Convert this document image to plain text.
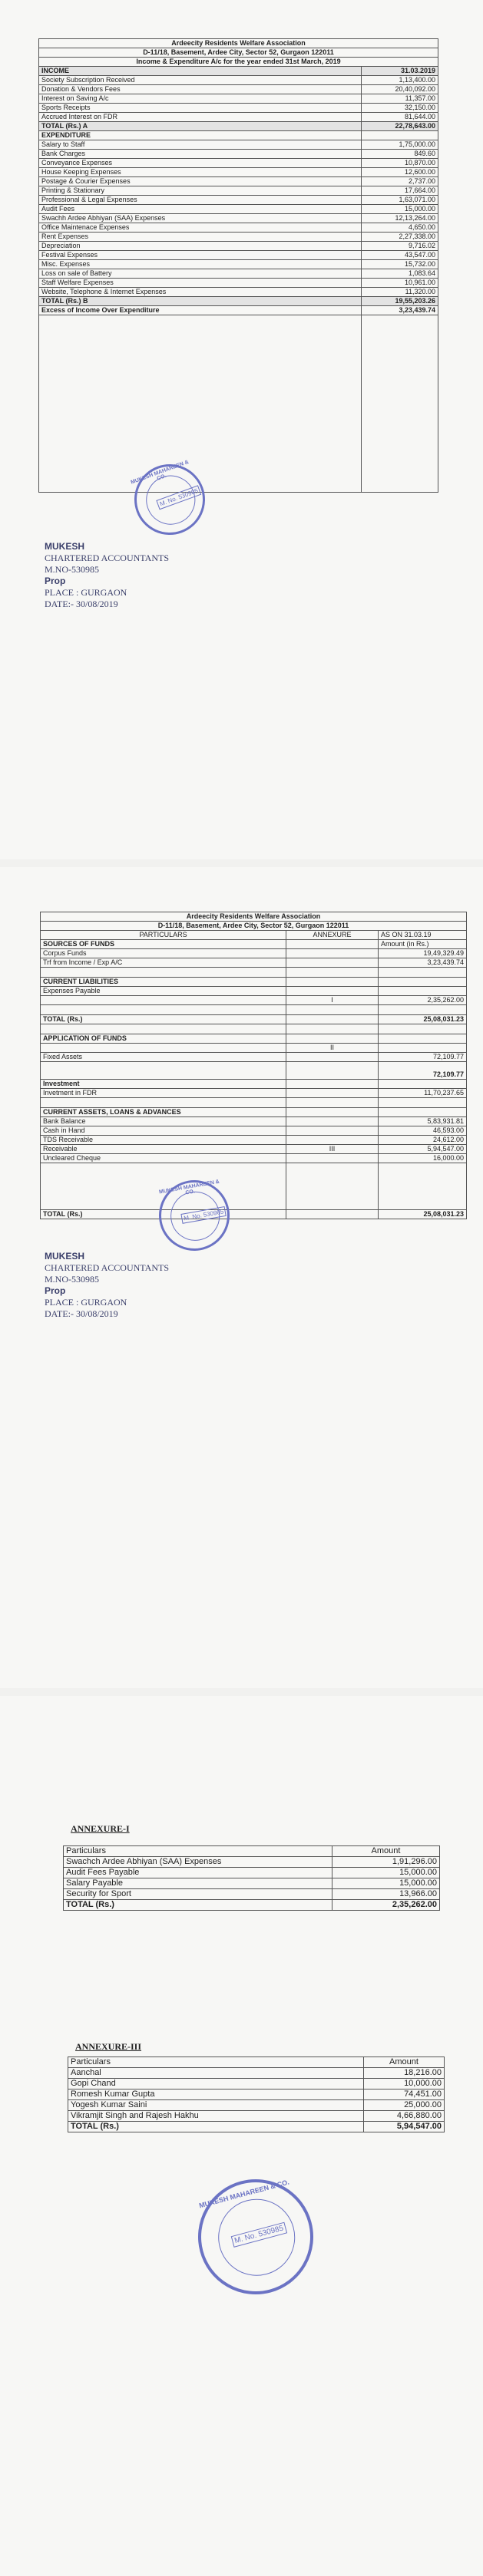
Ardeecity Residents Welfare Association	
D-11/18, Basement, Ardee City, Sector 52, Gurgaon 122011	
Income & Expenditure A/c for the year ended 31st March, 2019	
INCOME	31.03.2019
Society Subscription Received	1,13,400.00
Donation & Vendors Fees	20,40,092.00
Interest on Saving A/c	11,357.00
Sports Receipts	32,150.00
Accrued Interest on FDR	81,644.00
TOTAL (Rs.) A	22,78,643.00
EXPENDITURE	
Salary to Staff	1,75,000.00
Bank Charges	849.60
Conveyance Expenses	10,870.00
House Keeping Expenses	12,600.00
Postage & Courier Expenses	2,737.00
Printing & Stationary	17,664.00
Professional & Legal Expenses	1,63,071.00
Audit Fees	15,000.00
Swachh Ardee Abhiyan (SAA) Expenses	12,13,264.00
Office Maintenace Expenses	4,650.00
Rent Expenses	2,27,338.00
Depreciation	9,716.02
Festival Expenses	43,547.00
Misc. Expenses	15,732.00
Loss on sale of Battery	1,083.64
Staff Welfare Expenses	10,961.00
Website, Telephone & Internet Expenses	11,320.00
TOTAL (Rs.) B	19,55,203.26
Excess of Income Over Expenditure	3,23,439.74

MUKESH MAHAREEN & CO.
M. No. 530985
MUKESH
CHARTERED ACCOUNTANTS
M.NO-530985
Prop
PLACE : GURGAON
DATE:- 30/08/2019
Ardeecity Residents Welfare Association		
D-11/18, Basement, Ardee City, Sector 52, Gurgaon 122011		
PARTICULARS	ANNEXURE	AS ON 31.03.19
SOURCES OF FUNDS		Amount (in Rs.)
Corpus Funds		19,49,329.49
Trf from Income / Exp A/C		3,23,439.74

CURRENT LIABILITIES		
Expenses Payable		
	I	2,35,262.00

TOTAL (Rs.)		25,08,031.23

APPLICATION OF FUNDS		
	II	
Fixed Assets		72,109.77
		72,109.77
Investment		
Invetment in FDR		11,70,237.65

CURRENT ASSETS, LOANS & ADVANCES		
Bank Balance		5,83,931.81
Cash in Hand		46,593.00
TDS Receivable		24,612.00
Receivable	III	5,94,547.00
Uncleared Cheque		16,000.00

TOTAL (Rs.)		25,08,031.23
MUKESH MAHAREEN & CO.
M. No. 530985
MUKESH
CHARTERED ACCOUNTANTS
M.NO-530985
Prop
PLACE : GURGAON
DATE:- 30/08/2019
ANNEXURE-I
Particulars	Amount
Swachch Ardee Abhiyan (SAA) Expenses	1,91,296.00
Audit Fees Payable	15,000.00
Salary Payable	15,000.00
Security for Sport	13,966.00
TOTAL (Rs.)	2,35,262.00
ANNEXURE-III
Particulars	Amount
Aanchal	18,216.00
Gopi Chand	10,000.00
Romesh Kumar Gupta	74,451.00
Yogesh Kumar Saini	25,000.00
Vikramjit Singh and Rajesh Hakhu	4,66,880.00
TOTAL (Rs.)	5,94,547.00
MUKESH MAHAREEN & CO.
M. No. 530985
